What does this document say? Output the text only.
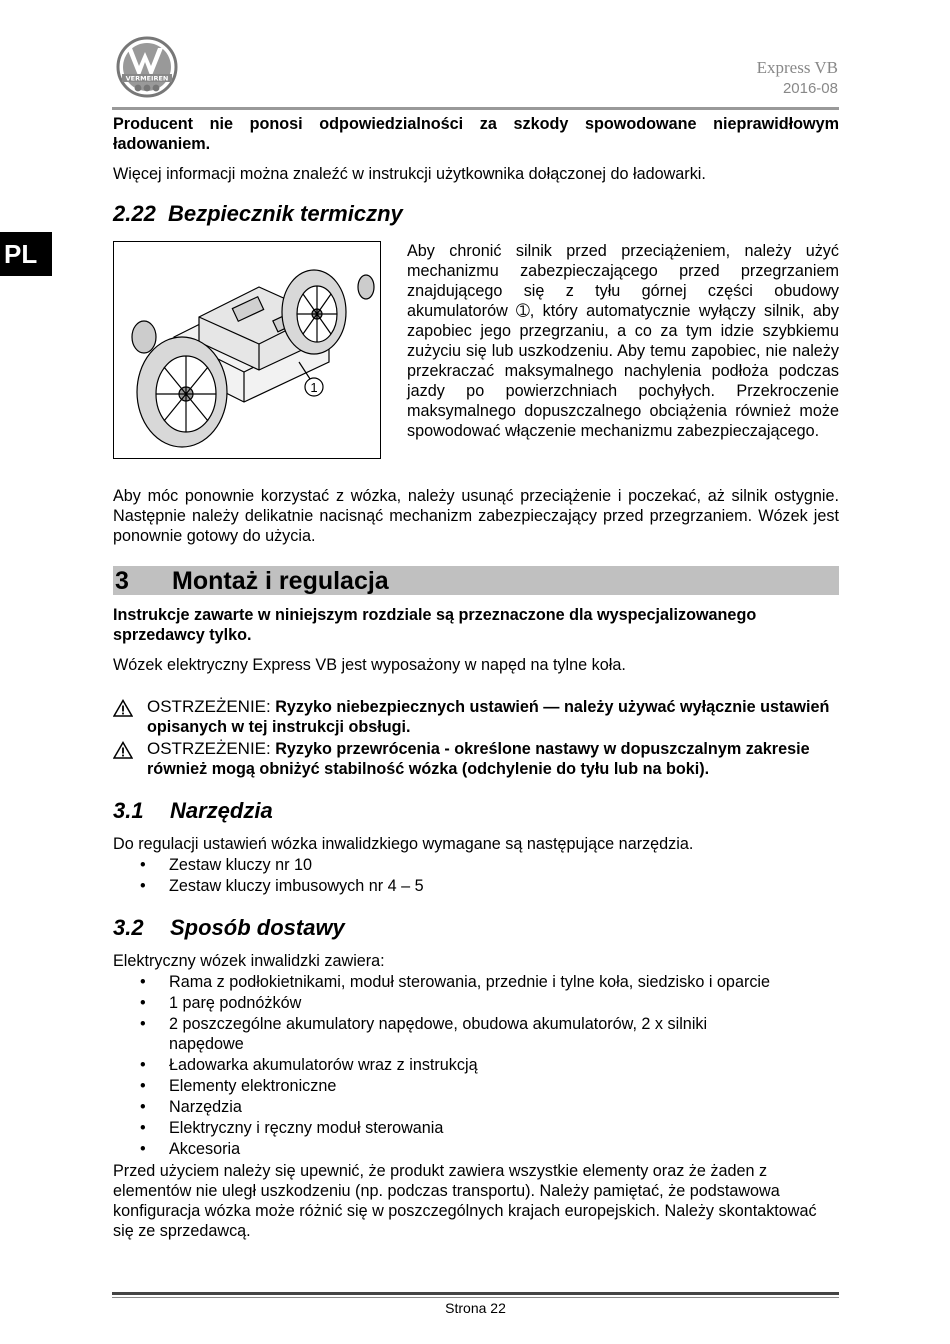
VERMEIREN
Express VB
2016-08
PL

Producent nie ponosi odpowiedzialności za szkody spowodowane nieprawidłowym ładowaniem.

Więcej informacji można znaleźć w instrukcji użytkownika dołączonej do ładowarki.

2.22 Bezpiecznik termiczny
1

Aby chronić silnik przed przeciążeniem, należy użyć mechanizmu zabezpieczającego przed przegrzaniem znajdującego się z tyłu górnej części obudowy akumulatorów ➀, który automatycznie wyłączy silnik, aby zapobiec jego przegrzaniu, a co za tym idzie szybkiemu zużyciu się lub uszkodzeniu. Aby temu zapobiec, nie należy przekraczać maksymalnego nachylenia podłoża podczas jazdy po powierzchniach pochyłych. Przekroczenie maksymalnego dopuszczalnego obciążenia również może spowodować włączenie mechanizmu zabezpieczającego.

Aby móc ponownie korzystać z wózka, należy usunąć przeciążenie i poczekać, aż silnik ostygnie. Następnie należy delikatnie nacisnąć mechanizm zabezpieczający przed przegrzaniem. Wózek jest ponownie gotowy do użycia.

3 Montaż i regulacja

Instrukcje zawarte w niniejszym rozdziale są przeznaczone dla wyspecjalizowanego sprzedawcy tylko.

Wózek elektryczny Express VB jest wyposażony w napęd na tylne koła.

OSTRZEŻENIE: Ryzyko niebezpiecznych ustawień — należy używać wyłącznie ustawień opisanych w tej instrukcji obsługi.
OSTRZEŻENIE: Ryzyko przewrócenia - określone nastawy w dopuszczalnym zakresie również mogą obniżyć stabilność wózka (odchylenie do tyłu lub na boki).
3.1 Narzędzia

Do regulacji ustawień wózka inwalidzkiego wymagane są następujące narzędzia.

• Zestaw kluczy nr 10
• Zestaw kluczy imbusowych nr 4 – 5
3.2 Sposób dostawy

Elektryczny wózek inwalidzki zawiera:

• Rama z podłokietnikami, moduł sterowania, przednie i tylne koła, siedzisko i oparcie
• 1 parę podnóżków
• 2 poszczególne akumulatory napędowe, obudowa akumulatorów, 2 x silniki napędowe
• Ładowarka akumulatorów wraz z instrukcją
• Elementy elektroniczne
• Narzędzia
• Elektryczny i ręczny moduł sterowania
• Akcesoria

Przed użyciem należy się upewnić, że produkt zawiera wszystkie elementy oraz że żaden z elementów nie uległ uszkodzeniu (np. podczas transportu). Należy pamiętać, że podstawowa konfiguracja wózka może różnić się w poszczególnych krajach europejskich. Należy skontaktować się ze sprzedawcą.

Strona 22
